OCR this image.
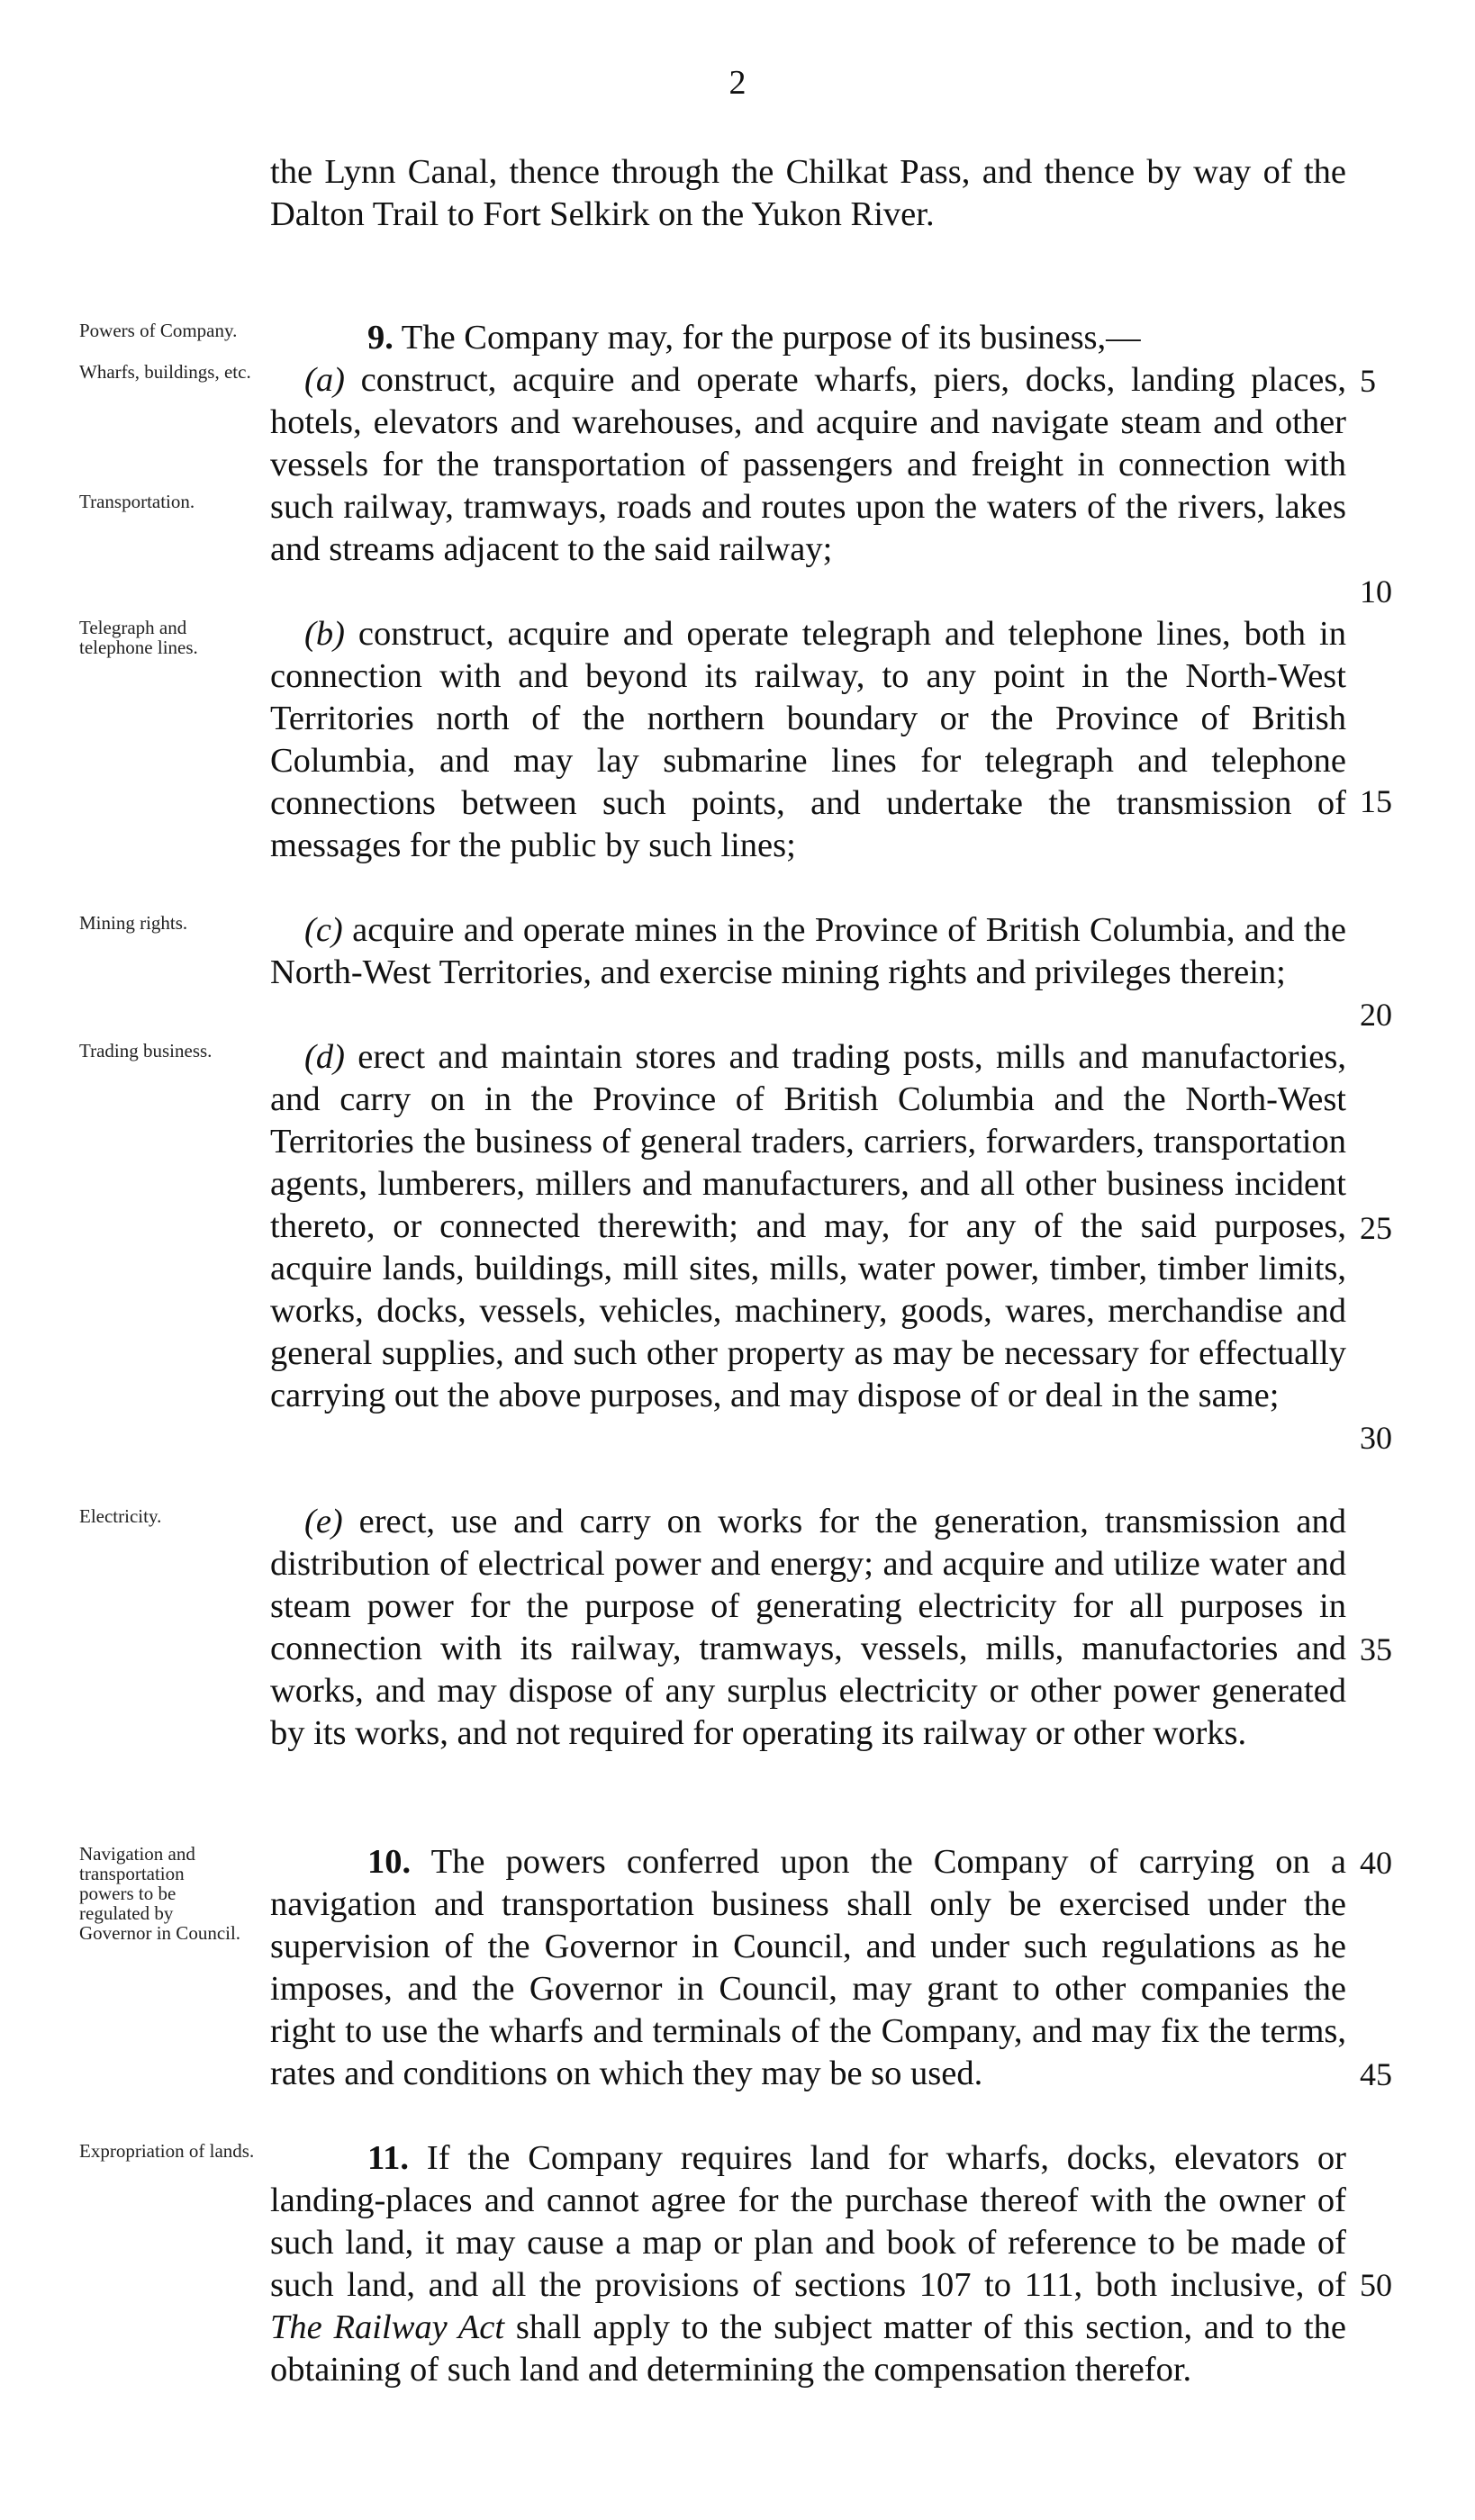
2
the Lynn Canal, thence through the Chilkat Pass, and thence by way of the Dalton Trail to Fort Selkirk on the Yukon River.
9. The Company may, for the purpose of its business,—
(a) construct, acquire and operate wharfs, piers, docks, landing places, hotels, elevators and warehouses, and acquire and navigate steam and other vessels for the transportation of passengers and freight in connection with such railway, tramways, roads and routes upon the waters of the rivers, lakes and streams adjacent to the said railway;
(b) construct, acquire and operate telegraph and telephone lines, both in connection with and beyond its railway, to any point in the North-West Territories north of the northern boundary or the Province of British Columbia, and may lay submarine lines for telegraph and telephone connections between such points, and undertake the transmission of messages for the public by such lines;
(c) acquire and operate mines in the Province of British Columbia, and the North-West Territories, and exercise mining rights and privileges therein;
(d) erect and maintain stores and trading posts, mills and manufactories, and carry on in the Province of British Columbia and the North-West Territories the business of general traders, carriers, forwarders, transportation agents, lumberers, millers and manufacturers, and all other business incident thereto, or connected therewith; and may, for any of the said purposes, acquire lands, buildings, mill sites, mills, water power, timber, timber limits, works, docks, vessels, vehicles, machinery, goods, wares, merchandise and general supplies, and such other property as may be necessary for effectually carrying out the above purposes, and may dispose of or deal in the same;
(e) erect, use and carry on works for the generation, transmission and distribution of electrical power and energy; and acquire and utilize water and steam power for the purpose of generating electricity for all purposes in connection with its railway, tramways, vessels, mills, manufactories and works, and may dispose of any surplus electricity or other power generated by its works, and not required for operating its railway or other works.
10. The powers conferred upon the Company of carrying on a navigation and transportation business shall only be exercised under the supervision of the Governor in Council, and under such regulations as he imposes, and the Governor in Council, may grant to other companies the right to use the wharfs and terminals of the Company, and may fix the terms, rates and conditions on which they may be so used.
11. If the Company requires land for wharfs, docks, elevators or landing-places and cannot agree for the purchase thereof with the owner of such land, it may cause a map or plan and book of reference to be made of such land, and all the provisions of sections 107 to 111, both inclusive, of The Railway Act shall apply to the subject matter of this section, and to the obtaining of such land and determining the compensation therefor.
Powers of Company.
Wharfs, buildings, etc.
Transportation.
Telegraph and telephone lines.
Mining rights.
Trading business.
Electricity.
Navigation and transportation powers to be regulated by Governor in Council.
Expropriation of lands.
5
10
15
20
25
30
35
40
45
50
